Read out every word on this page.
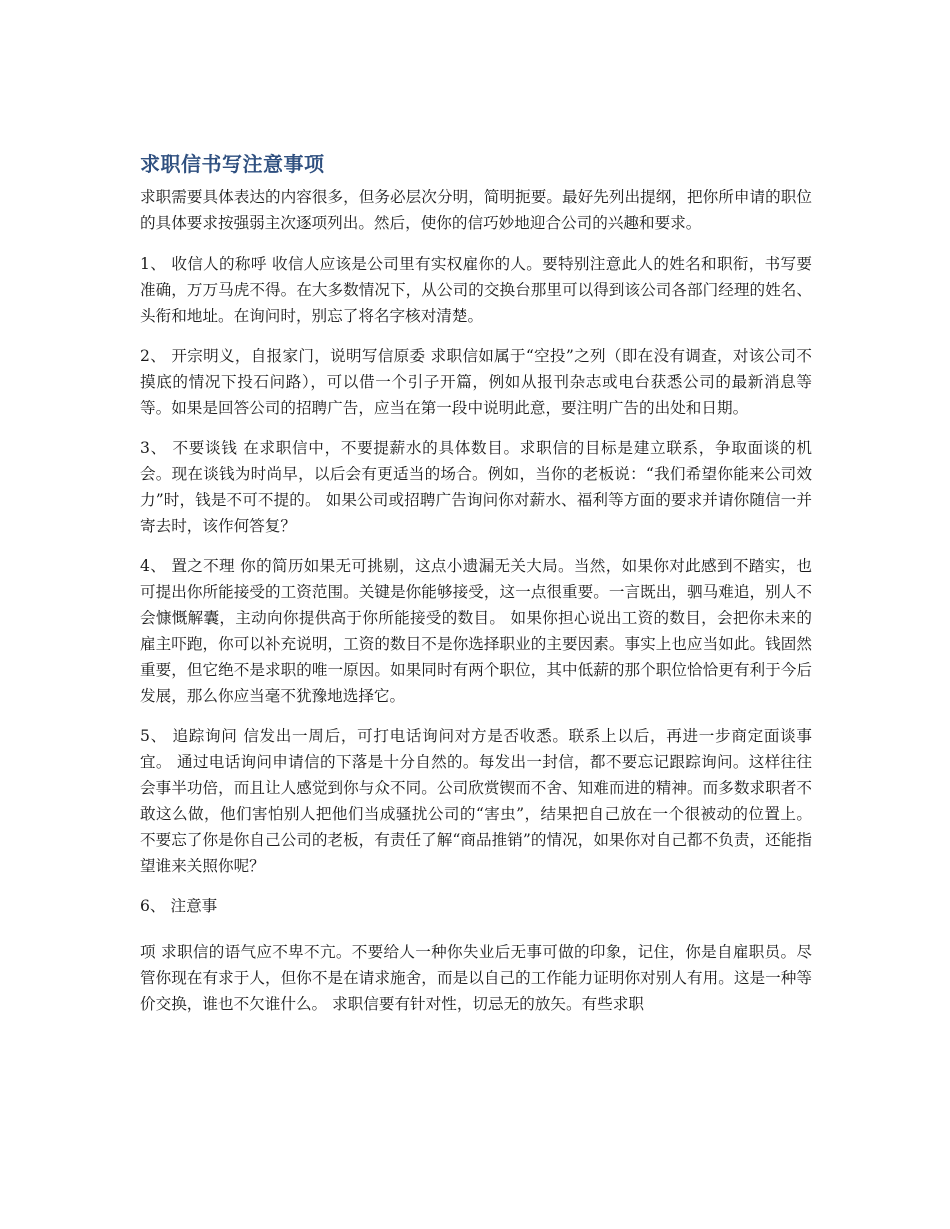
求职信书写注意事项

求职需要具体表达的内容很多，但务必层次分明，简明扼要。最好先列出提纲，把你所申请的职位的具体要求按强弱主次逐项列出。然后，使你的信巧妙地迎合公司的兴趣和要求。

1、 收信人的称呼 收信人应该是公司里有实权雇你的人。要特别注意此人的姓名和职衔，书写要准确，万万马虎不得。在大多数情况下，从公司的交换台那里可以得到该公司各部门经理的姓名、头衔和地址。在询问时，别忘了将名字核对清楚。

2、 开宗明义，自报家门，说明写信原委 求职信如属于“空投”之列（即在没有调查，对该公司不摸底的情况下投石问路），可以借一个引子开篇，例如从报刊杂志或电台获悉公司的最新消息等等。如果是回答公司的招聘广告，应当在第一段中说明此意，要注明广告的出处和日期。

3、 不要谈钱 在求职信中，不要提薪水的具体数目。求职信的目标是建立联系，争取面谈的机会。现在谈钱为时尚早，以后会有更适当的场合。例如，当你的老板说：“我们希望你能来公司效力”时，钱是不可不提的。 如果公司或招聘广告询问你对薪水、福利等方面的要求并请你随信一并寄去时，该作何答复？

4、 置之不理 你的简历如果无可挑剔，这点小遗漏无关大局。当然，如果你对此感到不踏实，也可提出你所能接受的工资范围。关键是你能够接受，这一点很重要。一言既出，驷马难追，别人不会慷慨解囊，主动向你提供高于你所能接受的数目。 如果你担心说出工资的数目，会把你未来的雇主吓跑，你可以补充说明，工资的数目不是你选择职业的主要因素。事实上也应当如此。钱固然重要，但它绝不是求职的唯一原因。如果同时有两个职位，其中低薪的那个职位恰恰更有利于今后发展，那么你应当毫不犹豫地选择它。

5、 追踪询问 信发出一周后，可打电话询问对方是否收悉。联系上以后，再进一步商定面谈事宜。 通过电话询问申请信的下落是十分自然的。每发出一封信，都不要忘记跟踪询问。这样往往会事半功倍，而且让人感觉到你与众不同。公司欣赏锲而不舍、知难而进的精神。而多数求职者不敢这么做，他们害怕别人把他们当成骚扰公司的“害虫”，结果把自己放在一个很被动的位置上。 不要忘了你是你自己公司的老板，有责任了解“商品推销”的情况，如果你对自己都不负责，还能指望谁来关照你呢？

6、 注意事

项 求职信的语气应不卑不亢。不要给人一种你失业后无事可做的印象，记住，你是自雇职员。尽管你现在有求于人，但你不是在请求施舍，而是以自己的工作能力证明你对别人有用。这是一种等价交换，谁也不欠谁什么。 求职信要有针对性，切忌无的放矢。有些求职
